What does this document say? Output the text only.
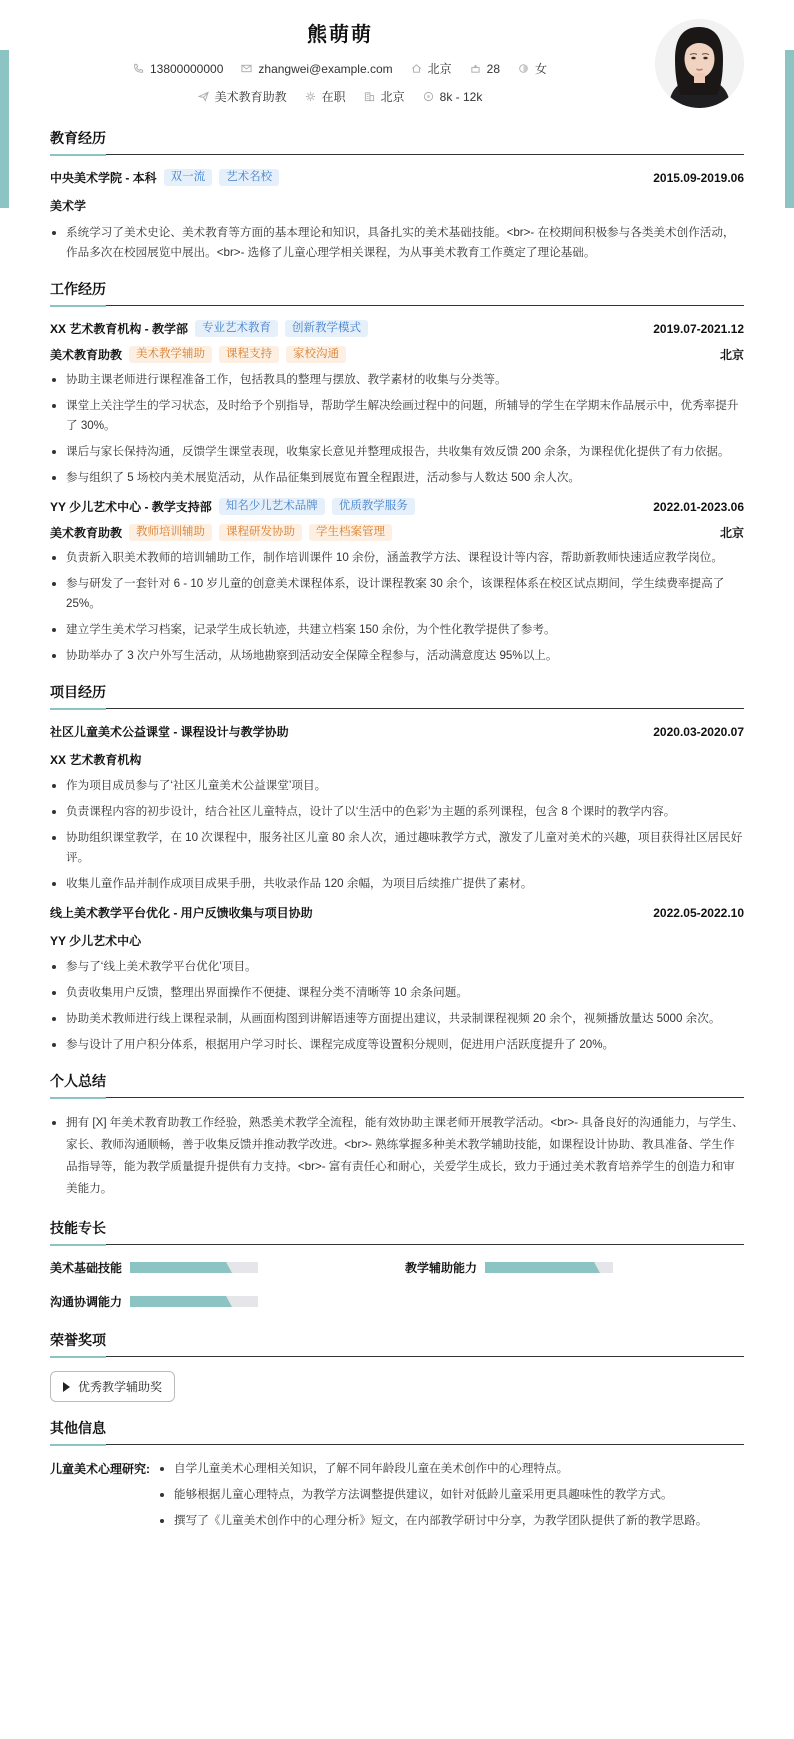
熊萌萌
13800000000	zhangwei@example.com	北京	28	女
美术教育助教	在职	北京	8k - 12k
教育经历
中央美术学院 - 本科	双一流	艺术名校	2015.09-2019.06
美术学
系统学习了美术史论、美术教育等方面的基本理论和知识，具备扎实的美术基础技能。<br>- 在校期间积极参与各类美术创作活动，作品多次在校园展览中展出。<br>- 选修了儿童心理学相关课程，为从事美术教育工作奠定了理论基础。
工作经历
XX 艺术教育机构 - 教学部	专业艺术教育	创新教学模式	2019.07-2021.12
美术教育助教	美术教学辅助	课程支持	家校沟通	北京
协助主课老师进行课程准备工作，包括教具的整理与摆放、教学素材的收集与分类等。
课堂上关注学生的学习状态，及时给予个别指导，帮助学生解决绘画过程中的问题，所辅导的学生在学期末作品展示中，优秀率提升了 30%。
课后与家长保持沟通，反馈学生课堂表现，收集家长意见并整理成报告，共收集有效反馈 200 余条，为课程优化提供了有力依据。
参与组织了 5 场校内美术展览活动，从作品征集到展览布置全程跟进，活动参与人数达 500 余人次。
YY 少儿艺术中心 - 教学支持部	知名少儿艺术品牌	优质教学服务	2022.01-2023.06
美术教育助教	教师培训辅助	课程研发协助	学生档案管理	北京
负责新入职美术教师的培训辅助工作，制作培训课件 10 余份，涵盖教学方法、课程设计等内容，帮助新教师快速适应教学岗位。
参与研发了一套针对 6 - 10 岁儿童的创意美术课程体系，设计课程教案 30 余个，该课程体系在校区试点期间，学生续费率提高了 25%。
建立学生美术学习档案，记录学生成长轨迹，共建立档案 150 余份，为个性化教学提供了参考。
协助举办了 3 次户外写生活动，从场地勘察到活动安全保障全程参与，活动满意度达 95%以上。
项目经历
社区儿童美术公益课堂 - 课程设计与教学协助	2020.03-2020.07
XX 艺术教育机构
作为项目成员参与了‘社区儿童美术公益课堂’项目。
负责课程内容的初步设计，结合社区儿童特点，设计了以‘生活中的色彩’为主题的系列课程，包含 8 个课时的教学内容。
协助组织课堂教学，在 10 次课程中，服务社区儿童 80 余人次，通过趣味教学方式，激发了儿童对美术的兴趣，项目获得社区居民好评。
收集儿童作品并制作成项目成果手册，共收录作品 120 余幅，为项目后续推广提供了素材。
线上美术教学平台优化 - 用户反馈收集与项目协助	2022.05-2022.10
YY 少儿艺术中心
参与了‘线上美术教学平台优化’项目。
负责收集用户反馈，整理出界面操作不便捷、课程分类不清晰等 10 余条问题。
协助美术教师进行线上课程录制，从画面构图到讲解语速等方面提出建议，共录制课程视频 20 余个，视频播放量达 5000 余次。
参与设计了用户积分体系，根据用户学习时长、课程完成度等设置积分规则，促进用户活跃度提升了 20%。
个人总结
拥有 [X] 年美术教育助教工作经验，熟悉美术教学全流程，能有效协助主课老师开展教学活动。<br>- 具备良好的沟通能力，与学生、家长、教师沟通顺畅，善于收集反馈并推动教学改进。<br>- 熟练掌握多种美术教学辅助技能，如课程设计协助、教具准备、学生作品指导等，能为教学质量提升提供有力支持。<br>- 富有责任心和耐心，关爱学生成长，致力于通过美术教育培养学生的创造力和审美能力。
技能专长
美术基础技能	教学辅助能力
沟通协调能力
荣誉奖项
优秀教学辅助奖
其他信息
儿童美术心理研究:	自学儿童美术心理相关知识，了解不同年龄段儿童在美术创作中的心理特点。
能够根据儿童心理特点，为教学方法调整提供建议，如针对低龄儿童采用更具趣味性的教学方式。
撰写了《儿童美术创作中的心理分析》短文，在内部教学研讨中分享，为教学团队提供了新的教学思路。
